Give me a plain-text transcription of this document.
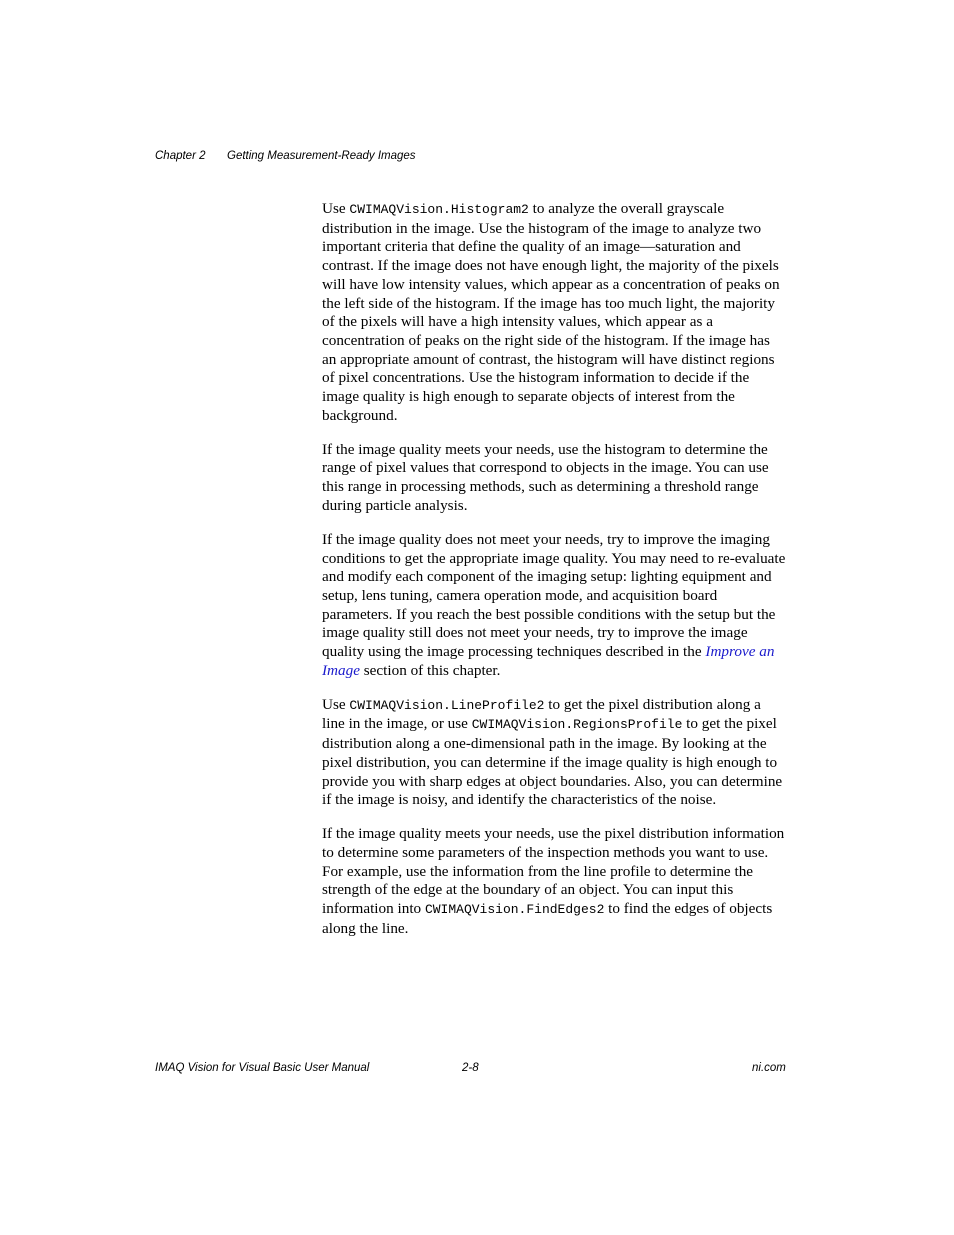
Chapter 2 Getting Measurement-Ready Images

Use CWIMAQVision.Histogram2 to analyze the overall grayscale distribution in the image. Use the histogram of the image to analyze two important criteria that define the quality of an image—saturation and contrast. If the image does not have enough light, the majority of the pixels will have low intensity values, which appear as a concentration of peaks on the left side of the histogram. If the image has too much light, the majority of the pixels will have a high intensity values, which appear as a concentration of peaks on the right side of the histogram. If the image has an appropriate amount of contrast, the histogram will have distinct regions of pixel concentrations. Use the histogram information to decide if the image quality is high enough to separate objects of interest from the background.

If the image quality meets your needs, use the histogram to determine the range of pixel values that correspond to objects in the image. You can use this range in processing methods, such as determining a threshold range during particle analysis.

If the image quality does not meet your needs, try to improve the imaging conditions to get the appropriate image quality. You may need to re-evaluate and modify each component of the imaging setup: lighting equipment and setup, lens tuning, camera operation mode, and acquisition board parameters. If you reach the best possible conditions with the setup but the image quality still does not meet your needs, try to improve the image quality using the image processing techniques described in the Improve an Image section of this chapter.

Use CWIMAQVision.LineProfile2 to get the pixel distribution along a line in the image, or use CWIMAQVision.RegionsProfile to get the pixel distribution along a one-dimensional path in the image. By looking at the pixel distribution, you can determine if the image quality is high enough to provide you with sharp edges at object boundaries. Also, you can determine if the image is noisy, and identify the characteristics of the noise.

If the image quality meets your needs, use the pixel distribution information to determine some parameters of the inspection methods you want to use. For example, use the information from the line profile to determine the strength of the edge at the boundary of an object. You can input this information into CWIMAQVision.FindEdges2 to find the edges of objects along the line.

IMAQ Vision for Visual Basic User Manual	2-8	ni.com
